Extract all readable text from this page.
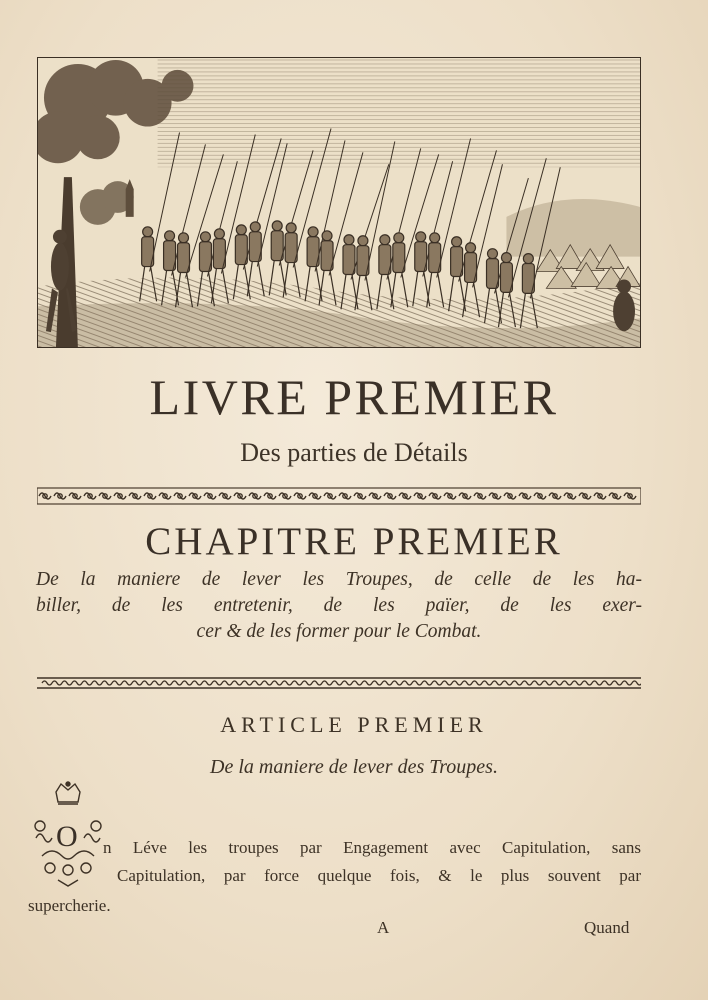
LIVRE PREMIER
Des parties de Détails
CHAPITRE PREMIER
De la maniere de lever les Troupes, de celle de les ha-
biller, de les entretenir, de les païer, de les exer-
cer & de les former pour le Combat.
ARTICLE PREMIER
De la maniere de lever des Troupes.
O n Léve les troupes par Engagement avec Capitulation, sans
Capitulation, par force quelque fois, & le plus souvent par
supercherie.
A	Quand
